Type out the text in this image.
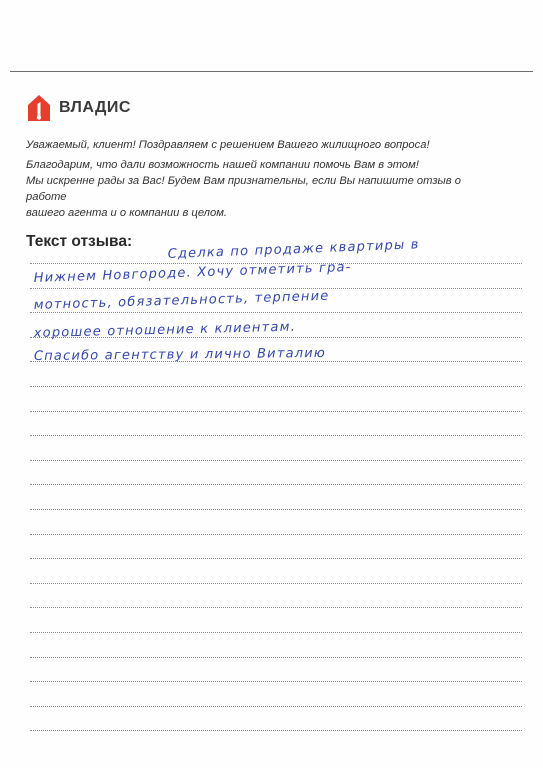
ВЛАДИС

Уважаемый, клиент! Поздравляем с решением Вашего жилищного вопроса!

Благодарим, что дали возможность нашей компании помочь Вам в этом!
Мы искренне рады за Вас! Будем Вам признательны, если Вы напишите отзыв о работе
вашего агента и о компании в целом.
Текст отзыва:	Сделка по продаже квартиры в
Нижнем Новгороде. Хочу отметить гра-
мотность, обязательность, терпение
хорошее отношение к клиентам.
Спасибо агентству и лично Виталию
